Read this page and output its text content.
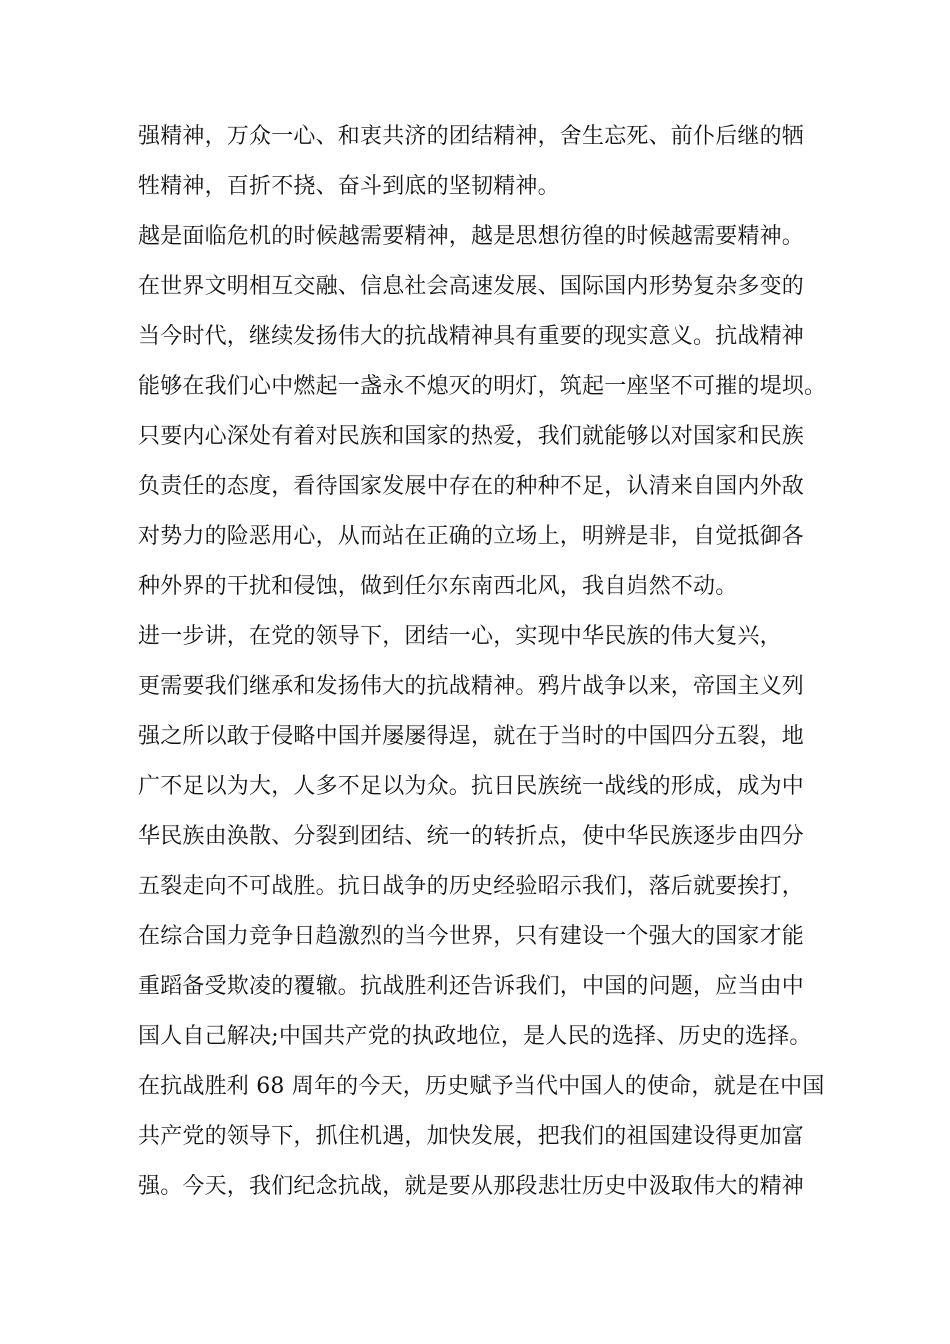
强精神，万众一心、和衷共济的团结精神，舍生忘死、前仆后继的牺
牲精神，百折不挠、奋斗到底的坚韧精神。
越是面临危机的时候越需要精神，越是思想彷徨的时候越需要精神。
在世界文明相互交融、信息社会高速发展、国际国内形势复杂多变的
当今时代，继续发扬伟大的抗战精神具有重要的现实意义。抗战精神
能够在我们心中燃起一盏永不熄灭的明灯，筑起一座坚不可摧的堤坝。
只要内心深处有着对民族和国家的热爱，我们就能够以对国家和民族
负责任的态度，看待国家发展中存在的种种不足，认清来自国内外敌
对势力的险恶用心，从而站在正确的立场上，明辨是非，自觉抵御各
种外界的干扰和侵蚀，做到任尔东南西北风，我自岿然不动。
进一步讲，在党的领导下，团结一心，实现中华民族的伟大复兴，
更需要我们继承和发扬伟大的抗战精神。鸦片战争以来，帝国主义列
强之所以敢于侵略中国并屡屡得逞，就在于当时的中国四分五裂，地
广不足以为大，人多不足以为众。抗日民族统一战线的形成，成为中
华民族由涣散、分裂到团结、统一的转折点，使中华民族逐步由四分
五裂走向不可战胜。抗日战争的历史经验昭示我们，落后就要挨打，
在综合国力竞争日趋激烈的当今世界，只有建设一个强大的国家才能
重蹈备受欺凌的覆辙。抗战胜利还告诉我们，中国的问题，应当由中
国人自己解决;中国共产党的执政地位，是人民的选择、历史的选择。
在抗战胜利 68 周年的今天，历史赋予当代中国人的使命，就是在中国
共产党的领导下，抓住机遇，加快发展，把我们的祖国建设得更加富
强。今天，我们纪念抗战，就是要从那段悲壮历史中汲取伟大的精神
